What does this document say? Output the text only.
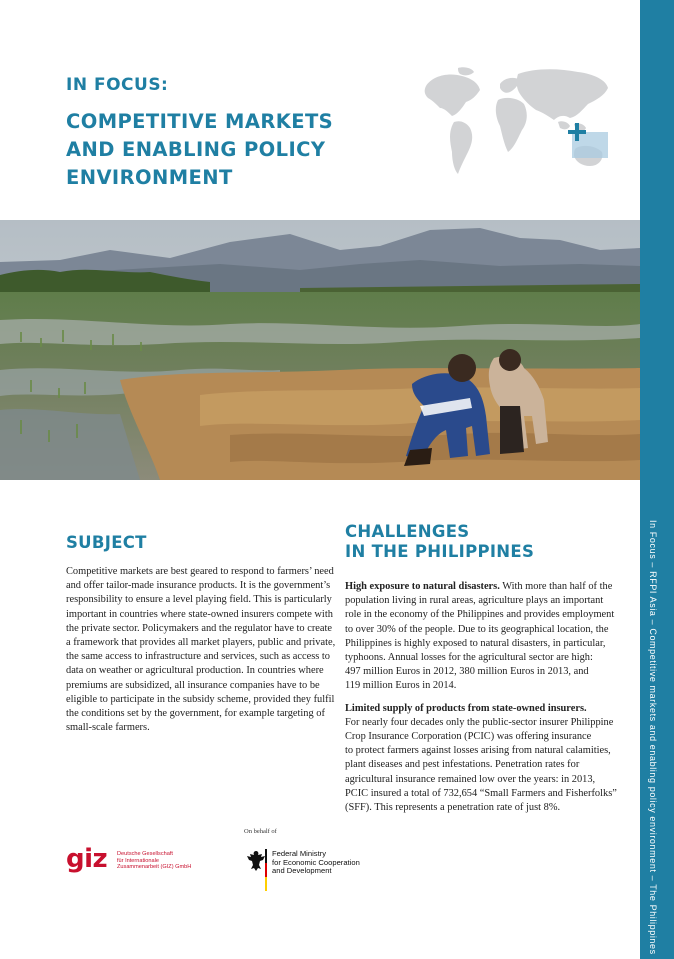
In Focus – RFPI Asia – Competitive markets and enabling policy environment – The Philippines
IN FOCUS:
COMPETITIVE MARKETS
AND ENABLING POLICY
ENVIRONMENT
SUBJECT
Competitive markets are best geared to respond to farmers’ need
and offer tailor-made insurance products. It is the government’s
responsibility to ensure a level playing field. This is particularly
important in countries where state-owned insurers compete with
the private sector. Policymakers and the regulator have to create
a framework that provides all market players, public and private,
the same access to infrastructure and services, such as access to
data on weather or agricultural production. In countries where
premiums are subsidized, all insurance companies have to be
eligible to participate in the subsidy scheme, provided they fulfil
the conditions set by the government, for example targeting of
small-scale farmers.
CHALLENGES
IN THE PHILIPPINES
High exposure to natural disasters. With more than half of the
population living in rural areas, agriculture plays an important
role in the economy of the Philippines and provides employment
to over 30% of the people. Due to its geographical location, the
Philippines is highly exposed to natural disasters, in particular,
typhoons. Annual losses for the agricultural sector are high:
497 million Euros in 2012, 380 million Euros in 2013, and
119 million Euros in 2014.
Limited supply of products from state-owned insurers.
For nearly four decades only the public-sector insurer Philippine
Crop Insurance Corporation (PCIC) was offering insurance
to protect farmers against losses arising from natural calamities,
plant diseases and pest infestations. Penetration rates for
agricultural insurance remained low over the years: in 2013,
PCIC insured a total of 732,654 “Small Farmers and Fisherfolks”
(SFF). This represents a penetration rate of just 8%.
giz Deutsche Gesellschaft
für Internationale
Zusammenarbeit (GIZ) GmbH
On behalf of
Federal Ministry
for Economic Cooperation
and Development
